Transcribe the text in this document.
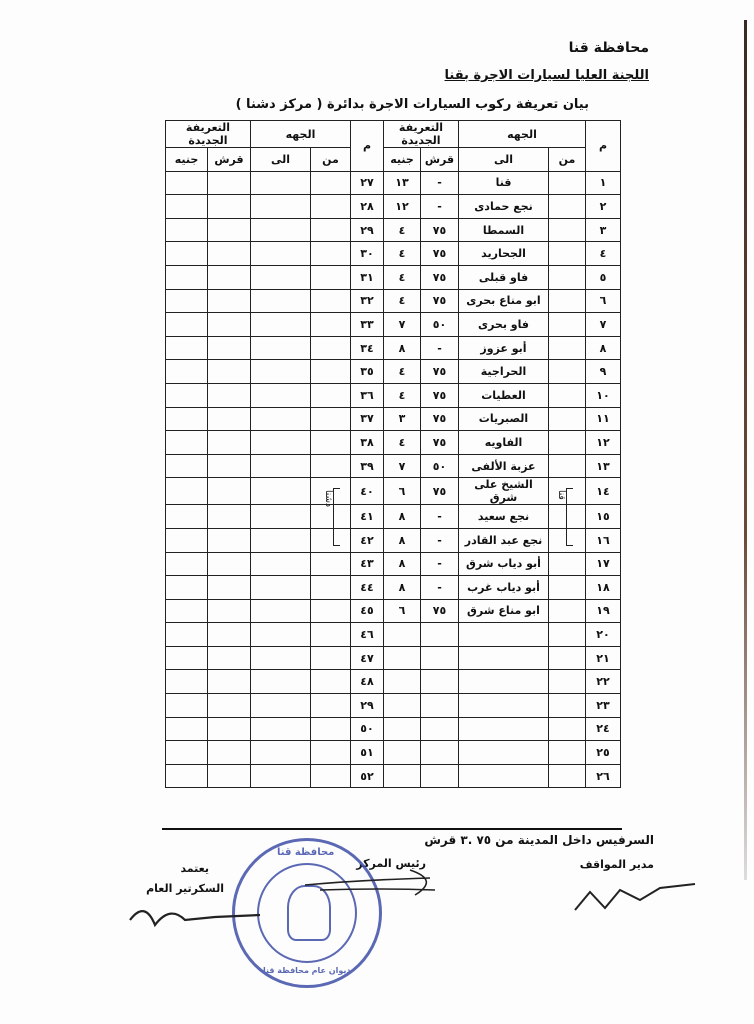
محافظة قنا
اللجنة العليا لسيارات الاجرة بقنا
بيان تعريفة ركوب السيارات الاجرة بدائرة ( مركز دشنا )
م	الجهه		التعريفة الجديدة		م	الجهه		التعريفة الجديدة	
	من	الى	قرش	جنيه		من	الى	قرش	جنيه
١		قنا	-	١٣	٢٧				
٢		نجع حمادى	-	١٢	٢٨				
٣		السمطا	٧٥	٤	٢٩				
٤		الجحاريد	٧٥	٤	٣٠				
٥		فاو قبلى	٧٥	٤	٣١				
٦		ابو مناع بحرى	٧٥	٤	٣٢				
٧		فاو بحرى	٥٠	٧	٣٣				
٨		أبو عزوز	-	٨	٣٤				
٩		الحراجية	٧٥	٤	٣٥				
١٠		العطيات	٧٥	٤	٣٦				
١١		الصبريات	٧٥	٣	٣٧				
١٢		الفاويه	٧٥	٤	٣٨				
١٣		عزبة الألفى	٥٠	٧	٣٩				
١٤		الشيخ على شرق	٧٥	٦	٤٠				
١٥		نجع سعيد	-	٨	٤١				
١٦		نجع عبد القادر	-	٨	٤٢				
١٧		أبو دياب شرق	-	٨	٤٣				
١٨		أبو دياب غرب	-	٨	٤٤				
١٩		ابو مناع شرق	٧٥	٦	٤٥				
٢٠					٤٦				
٢١					٤٧				
٢٢					٤٨				
٢٣					٢٩				
٢٤					٥٠				
٢٥					٥١				
٢٦					٥٢				
قنا
دشنا
السرفيس داخل المدينة من ٧٥ .٣ قرش
مدير المواقف
رئيس المركز
يعتمد
السكرتير العام
محافظة قنا
ديوان عام محافظة قنا
